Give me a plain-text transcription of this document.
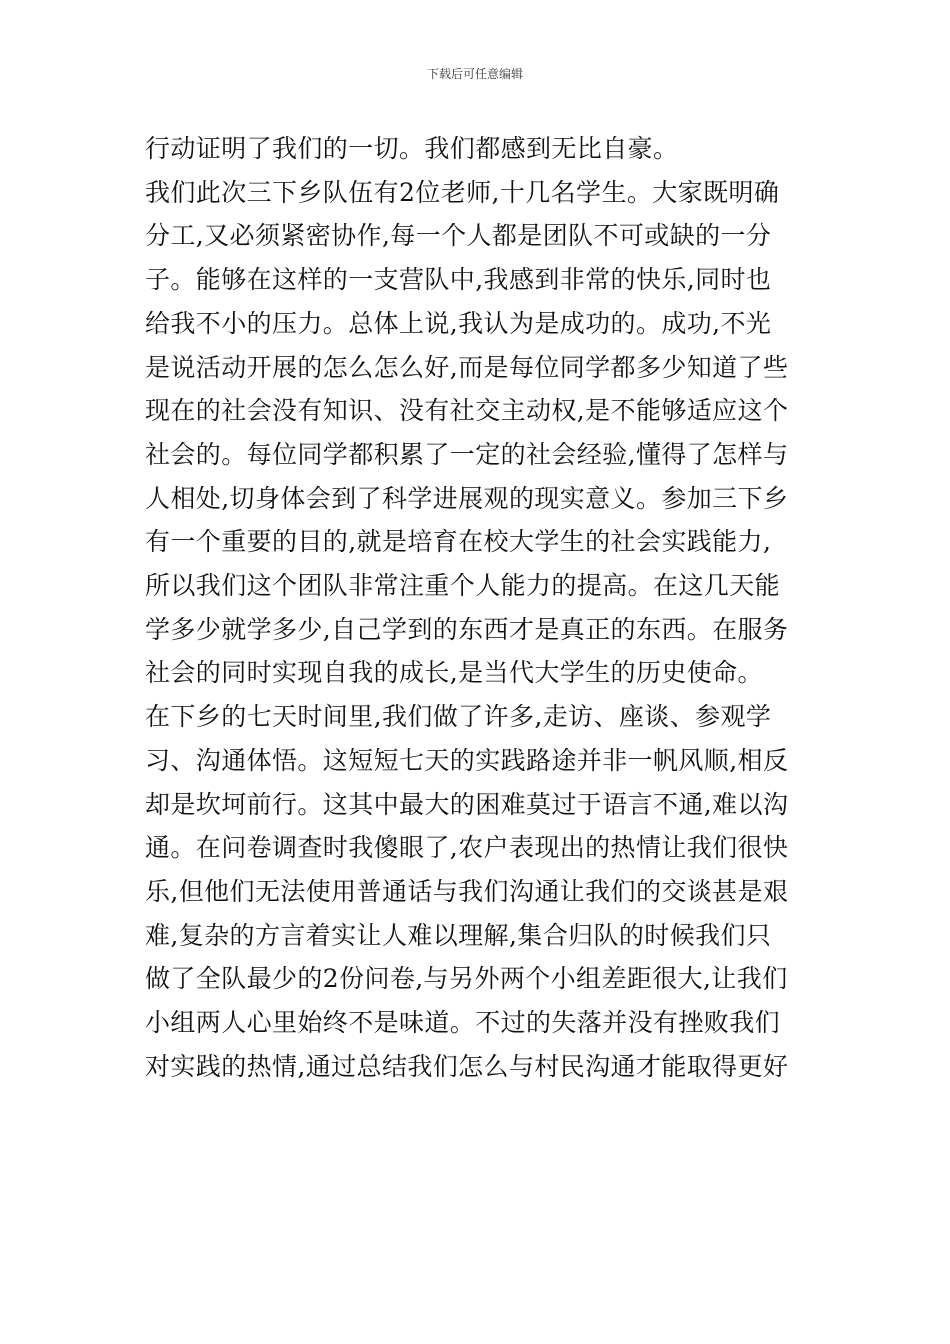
下载后可任意编辑
行动证明了我们的一切。我们都感到无比自豪。
我们此次三下乡队伍有2位老师,十几名学生。大家既明确
分工,又必须紧密协作,每一个人都是团队不可或缺的一分
子。能够在这样的一支营队中,我感到非常的快乐,同时也
给我不小的压力。总体上说,我认为是成功的。成功,不光
是说活动开展的怎么怎么好,而是每位同学都多少知道了些
现在的社会没有知识、没有社交主动权,是不能够适应这个
社会的。每位同学都积累了一定的社会经验,懂得了怎样与
人相处,切身体会到了科学进展观的现实意义。参加三下乡
有一个重要的目的,就是培育在校大学生的社会实践能力,
所以我们这个团队非常注重个人能力的提高。在这几天能
学多少就学多少,自己学到的东西才是真正的东西。在服务
社会的同时实现自我的成长,是当代大学生的历史使命。
在下乡的七天时间里,我们做了许多,走访、座谈、参观学
习、沟通体悟。这短短七天的实践路途并非一帆风顺,相反
却是坎坷前行。这其中最大的困难莫过于语言不通,难以沟
通。在问卷调查时我傻眼了,农户表现出的热情让我们很快
乐,但他们无法使用普通话与我们沟通让我们的交谈甚是艰
难,复杂的方言着实让人难以理解,集合归队的时候我们只
做了全队最少的2份问卷,与另外两个小组差距很大,让我们
小组两人心里始终不是味道。不过的失落并没有挫败我们
对实践的热情,通过总结我们怎么与村民沟通才能取得更好
